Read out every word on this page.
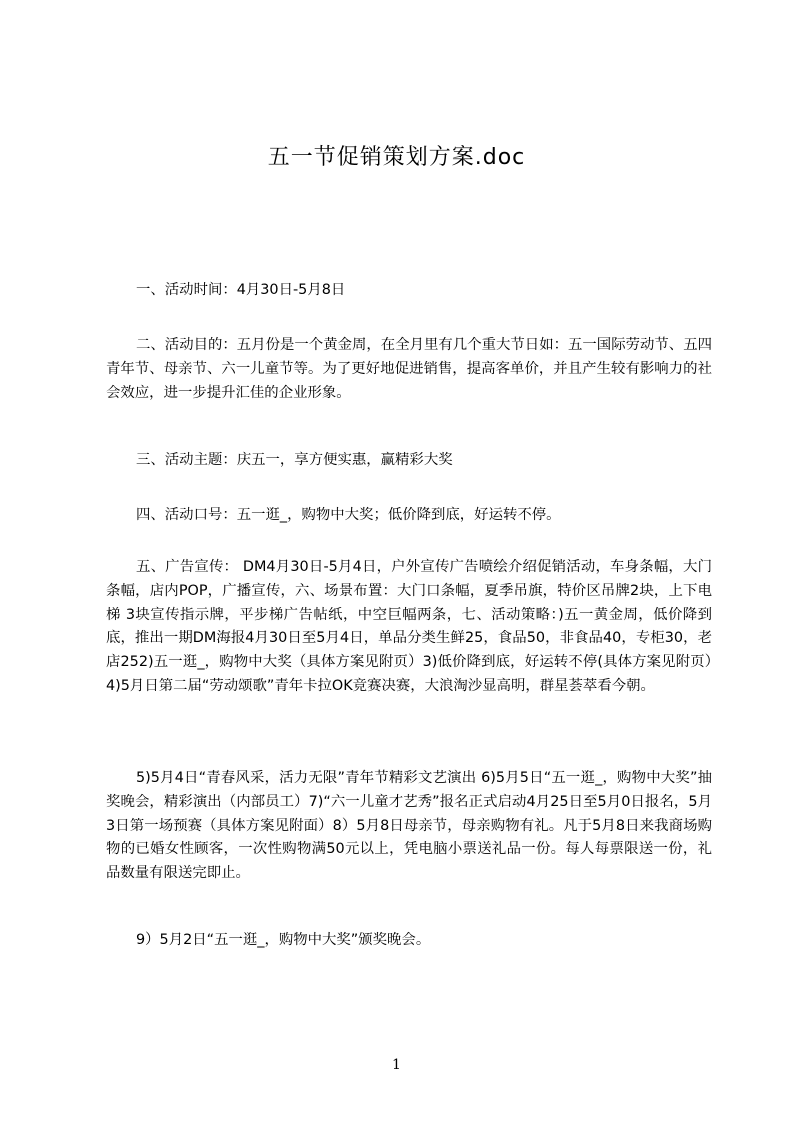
五一节促销策划方案.doc

一、活动时间：4月30日-5月8日

二、活动目的：五月份是一个黄金周，在全月里有几个重大节日如：五一国际劳动节、五四青年节、母亲节、六一儿童节等。为了更好地促进销售，提高客单价，并且产生较有影响力的社会效应，进一步提升汇佳的企业形象。

三、活动主题：庆五一，享方便实惠，赢精彩大奖

四、活动口号：五一逛_，购物中大奖；低价降到底，好运转不停。

五、广告宣传： DM4月30日-5月4日，户外宣传广告喷绘介绍促销活动，车身条幅，大门条幅，店内POP，广播宣传，六、场景布置：大门口条幅，夏季吊旗，特价区吊牌2块，上下电梯 3块宣传指示牌，平步梯广告帖纸，中空巨幅两条，七、活动策略：)五一黄金周，低价降到底，推出一期DM海报4月30日至5月4日，单品分类生鲜25，食品50，非食品40，专柜30，老店252)五一逛_，购物中大奖（具体方案见附页）3)低价降到底，好运转不停(具体方案见附页）　4)5月日第二届“劳动颂歌”青年卡拉OK竞赛决赛，大浪淘沙显高明，群星荟萃看今朝。

5)5月4日“青春风采，活力无限”青年节精彩文艺演出 6)5月5日“五一逛_，购物中大奖”抽奖晚会，精彩演出（内部员工）7)“六一儿童才艺秀”报名正式启动4月25日至5月0日报名，5月3日第一场预赛（具体方案见附面）8）5月8日母亲节，母亲购物有礼。凡于5月8日来我商场购物的已婚女性顾客，一次性购物满50元以上，凭电脑小票送礼品一份。每人每票限送一份，礼品数量有限送完即止。

9）5月2日“五一逛_，购物中大奖”颁奖晚会。

1
